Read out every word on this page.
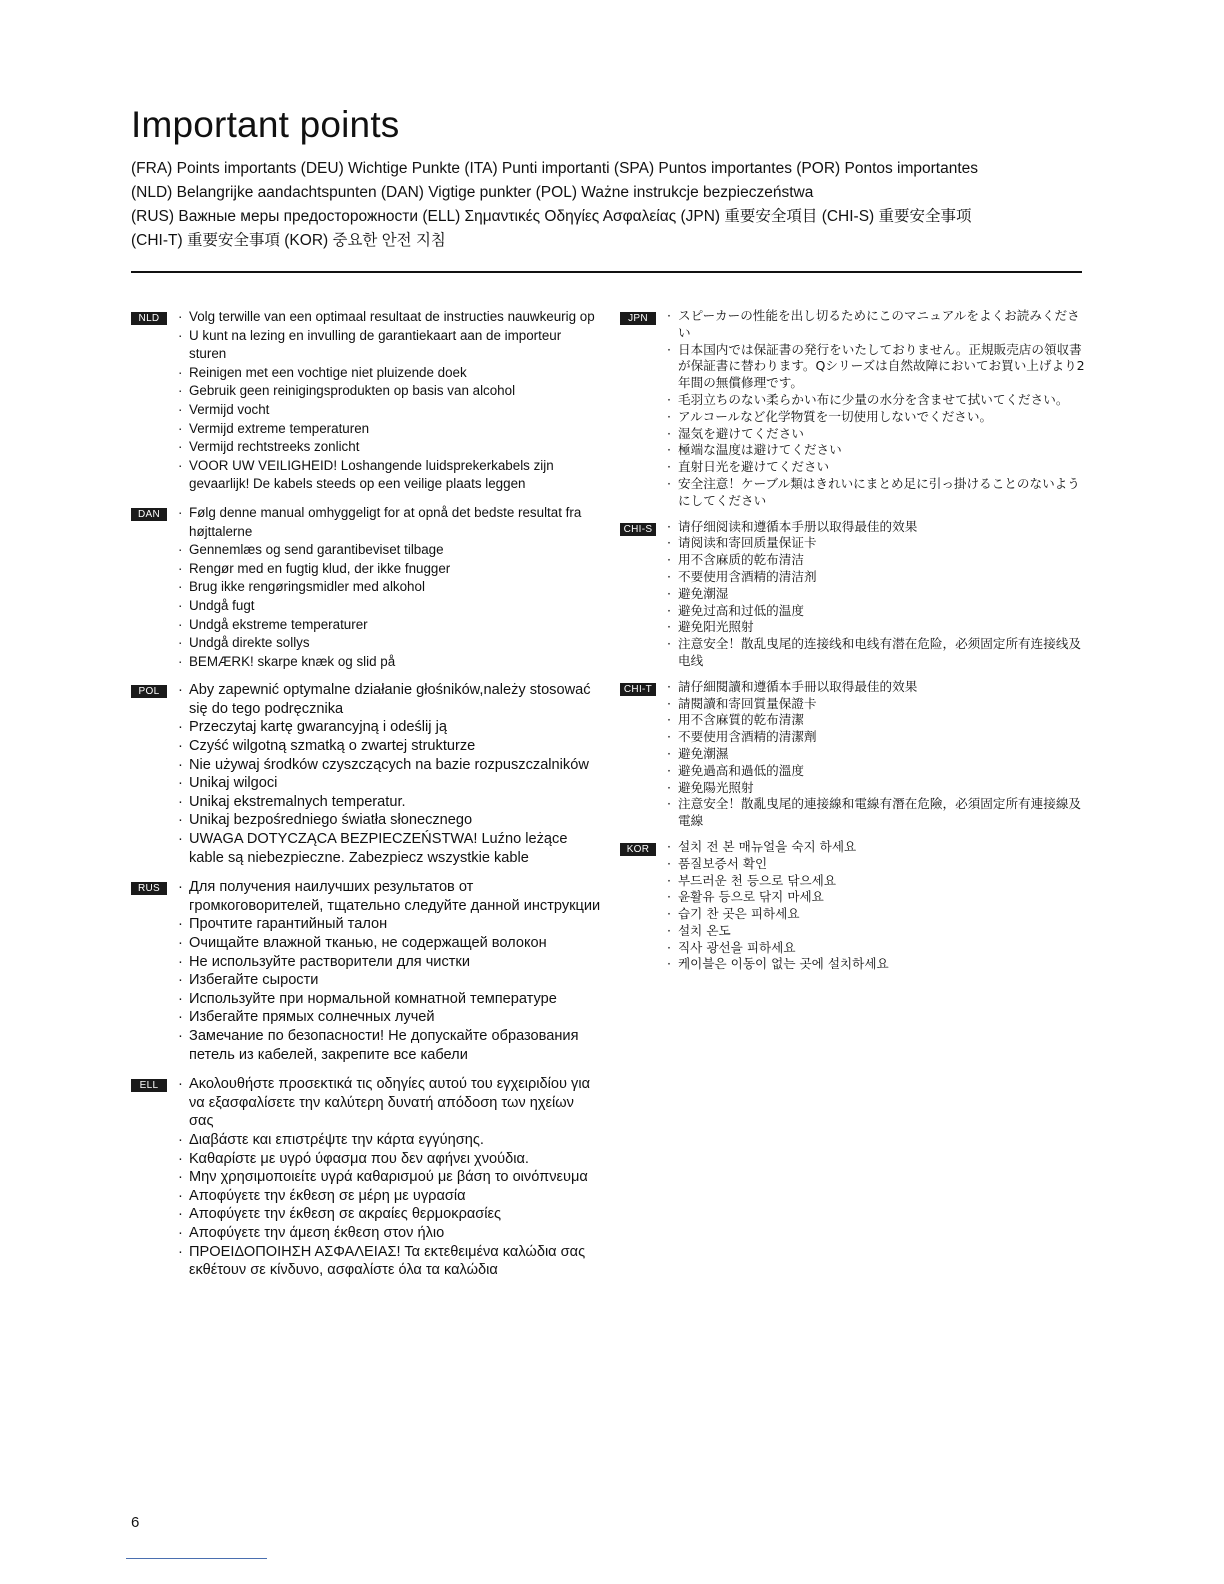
Important points
(FRA) Points importants (DEU) Wichtige Punkte (ITA) Punti importanti (SPA) Puntos importantes (POR) Pontos importantes
(NLD) Belangrijke aandachtspunten (DAN) Vigtige punkter (POL) Ważne instrukcje bezpieczeństwa
(RUS) Важные меры предосторожности (ELL) Σημαντικές Οδηγίες Ασφαλείας (JPN) 重要安全項目 (CHI-S) 重要安全事项
(CHI-T) 重要安全事項 (KOR) 중요한 안전 지침
NLD	· Volg terwille van een optimaal resultaat de instructies nauwkeurig op
· U kunt na lezing en invulling de garantiekaart aan de importeur sturen
· Reinigen met een vochtige niet pluizende doek
· Gebruik geen reinigingsprodukten op basis van alcohol
· Vermijd vocht
· Vermijd extreme temperaturen
· Vermijd rechtstreeks zonlicht
· VOOR UW VEILIGHEID! Loshangende luidsprekerkabels zijn gevaarlijk! De kabels steeds op een veilige plaats leggen
DAN	· Følg denne manual omhyggeligt for at opnå det bedste resultat fra højttalerne
· Gennemlæs og send garantibeviset tilbage
· Rengør med en fugtig klud, der ikke fnugger
· Brug ikke rengøringsmidler med alkohol
· Undgå fugt
· Undgå ekstreme temperaturer
· Undgå direkte sollys
· BEMÆRK! skarpe knæk og slid på
POL	· Aby zapewnić optymalne działanie głośników,należy stosować się do tego podręcznika
· Przeczytaj kartę gwarancyjną i odeślij ją
· Czyść wilgotną szmatką o zwartej strukturze
· Nie używaj środków czyszczących na bazie rozpuszczalników
· Unikaj wilgoci
· Unikaj ekstremalnych temperatur.
· Unikaj bezpośredniego światła słonecznego
· UWAGA DOTYCZĄCA BEZPIECZEŃSTWA! Luźno leżące kable są niebezpieczne. Zabezpiecz wszystkie kable
RUS	· Для получения наилучших результатов от громкоговорителей, тщательно следуйте данной инструкции
· Прочтите гарантийный талон
· Очищайте влажной тканью, не содержащей волокон
· Не используйте растворители для чистки
· Избегайте сырости
· Используйте при нормальной комнатной температуре
· Избегайте прямых солнечных лучей
· Замечание по безопасности! Не допускайте образования петель из кабелей, закрепите все кабели
ELL	· Ακολουθήστε προσεκτικά τις οδηγίες αυτού του εγχειριδίου για να εξασφαλίσετε την καλύτερη δυνατή απόδοση των ηχείων σας
· Διαβάστε και επιστρέψτε την κάρτα εγγύησης.
· Καθαρίστε με υγρό ύφασμα που δεν αφήνει χνούδια.
· Μην χρησιμοποιείτε υγρά καθαρισμού με βάση το οινόπνευμα
· Αποφύγετε την έκθεση σε μέρη με υγρασία
· Αποφύγετε την έκθεση σε ακραίες θερμοκρασίες
· Αποφύγετε την άμεση έκθεση στον ήλιο
· ΠΡΟΕΙΔΟΠΟΙΗΣΗ ΑΣΦΑΛΕΙΑΣ! Τα εκτεθειμένα καλώδια σας εκθέτουν σε κίνδυνο, ασφαλίστε όλα τα καλώδια
JPN	· スピーカーの性能を出し切るためにこのマニュアルをよくお読みください
· 日本国内では保証書の発行をいたしておりません。正規販売店の領収書が保証書に替わります。Qシリーズは自然故障においてお買い上げより2年間の無償修理です。
· 毛羽立ちのない柔らかい布に少量の水分を含ませて拭いてください。
· アルコールなど化学物質を一切使用しないでください。
· 湿気を避けてください
· 極端な温度は避けてください
· 直射日光を避けてください
· 安全注意！ケーブル類はきれいにまとめ足に引っ掛けることのないようにしてください
CHI-S	· 请仔细阅读和遵循本手册以取得最佳的效果
· 请阅读和寄回质量保证卡
· 用不含麻质的乾布清洁
· 不要使用含酒精的清洁剂
· 避免潮湿
· 避免过高和过低的温度
· 避免阳光照射
· 注意安全！散乱曳尾的连接线和电线有潜在危险，必须固定所有连接线及电线
CHI-T	· 請仔細閱讀和遵循本手冊以取得最佳的效果
· 請閱讀和寄回質量保證卡
· 用不含麻質的乾布清潔
· 不要使用含酒精的清潔劑
· 避免潮濕
· 避免過高和過低的溫度
· 避免陽光照射
· 注意安全！散亂曳尾的連接線和電線有潛在危險，必須固定所有連接線及電線
KOR	· 설치 전 본 매뉴얼을 숙지 하세요
· 품질보증서 확인
· 부드러운 천 등으로 닦으세요
· 윤활유 등으로 닦지 마세요
· 습기 찬 곳은 피하세요
· 설치 온도
· 직사 광선을 피하세요
· 케이블은 이동이 없는 곳에 설치하세요
6
